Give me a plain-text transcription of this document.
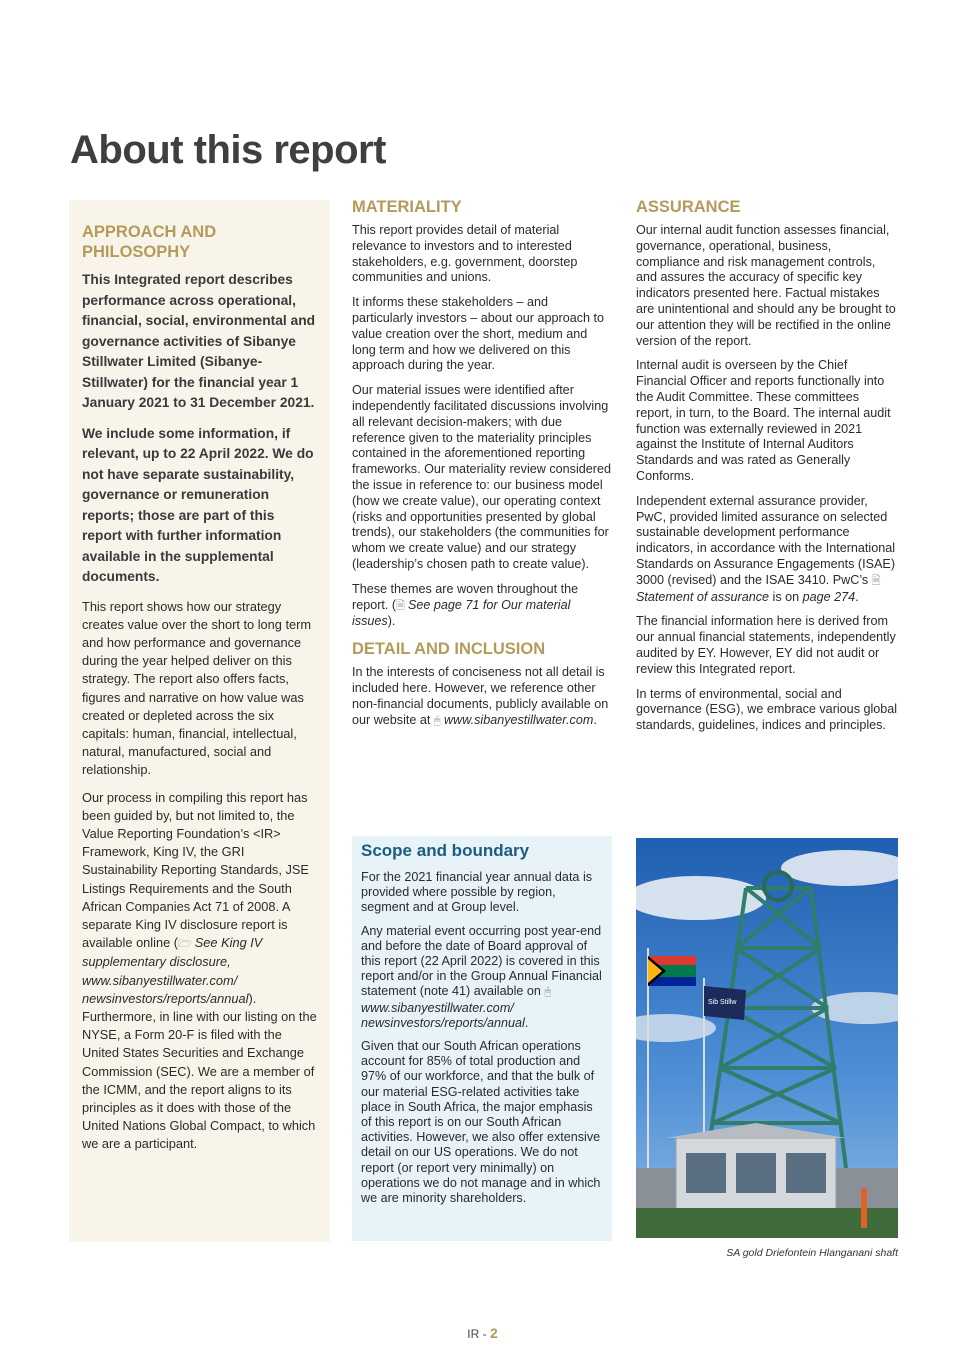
About this report
APPROACH AND PHILOSOPHY

This Integrated report describes performance across operational, financial, social, environmental and governance activities of Sibanye Stillwater Limited (Sibanye-Stillwater) for the financial year 1 January 2021 to 31 December 2021.

We include some information, if relevant, up to 22 April 2022. We do not have separate sustainability, governance or remuneration reports; those are part of this report with further information available in the supplemental documents.

This report shows how our strategy creates value over the short to long term and how performance and governance during the year helped deliver on this strategy. The report also offers facts, figures and narrative on how value was created or depleted across the six capitals: human, financial, intellectual, natural, manufactured, social and relationship.

Our process in compiling this report has been guided by, but not limited to, the Value Reporting Foundation’s <IR> Framework, King IV, the GRI Sustainability Reporting Standards, JSE Listings Requirements and the South African Companies Act 71 of 2008. A separate King IV disclosure report is available online (🗁 See King IV supplementary disclosure, www.sibanyestillwater.com/ newsinvestors/reports/annual). Furthermore, in line with our listing on the NYSE, a Form 20-F is filed with the United States Securities and Exchange Commission (SEC). We are a member of the ICMM, and the report aligns to its principles as it does with those of the United Nations Global Compact, to which we are a participant.

MATERIALITY

This report provides detail of material relevance to investors and to interested stakeholders, e.g. government, doorstep communities and unions.

It informs these stakeholders – and particularly investors – about our approach to value creation over the short, medium and long term and how we delivered on this approach during the year.

Our material issues were identified after independently facilitated discussions involving all relevant decision-makers; with due reference given to the materiality principles contained in the aforementioned reporting frameworks. Our materiality review considered the issue in reference to: our business model (how we create value), our operating context (risks and opportunities presented by global trends), our stakeholders (the communities for whom we create value) and our strategy (leadership’s chosen path to create value).

These themes are woven throughout the report. (🗎 See page 71 for Our material issues).

DETAIL AND INCLUSION

In the interests of conciseness not all detail is included here. However, we reference other non-financial documents, publicly available on our website at 🖱 www.sibanyestillwater.com.

Scope and boundary

For the 2021 financial year annual data is provided where possible by region, segment and at Group level.

Any material event occurring post year-end and before the date of Board approval of this report (22 April 2022) is covered in this report and/or in the Group Annual Financial statement (note 41) available on 🖱 www.sibanyestillwater.com/ newsinvestors/reports/annual.

Given that our South African operations account for 85% of total production and 97% of our workforce, and that the bulk of our material ESG-related activities take place in South Africa, the major emphasis of this report is on our South African activities. However, we also offer extensive detail on our US operations. We do not report (or report very minimally) on operations we do not manage and in which we are minority shareholders.

ASSURANCE

Our internal audit function assesses financial, governance, operational, business, compliance and risk management controls, and assures the accuracy of specific key indicators presented here. Factual mistakes are unintentional and should any be brought to our attention they will be rectified in the online version of the report.

Internal audit is overseen by the Chief Financial Officer and reports functionally into the Audit Committee. These committees report, in turn, to the Board. The internal audit function was externally reviewed in 2021 against the Institute of Internal Auditors Standards and was rated as Generally Conforms.

Independent external assurance provider, PwC, provided limited assurance on selected sustainable development performance indicators, in accordance with the International Standards on Assurance Engagements (ISAE) 3000 (revised) and the ISAE 3410. PwC’s 🗎 Statement of assurance is on page 274.

The financial information here is derived from our annual financial statements, independently audited by EY. However, EY did not audit or review this Integrated report.

In terms of environmental, social and governance (ESG), we embrace various global standards, guidelines, indices and principles.

Sib Stillw
SA gold Driefontein Hlanganani shaft
IR - 2
